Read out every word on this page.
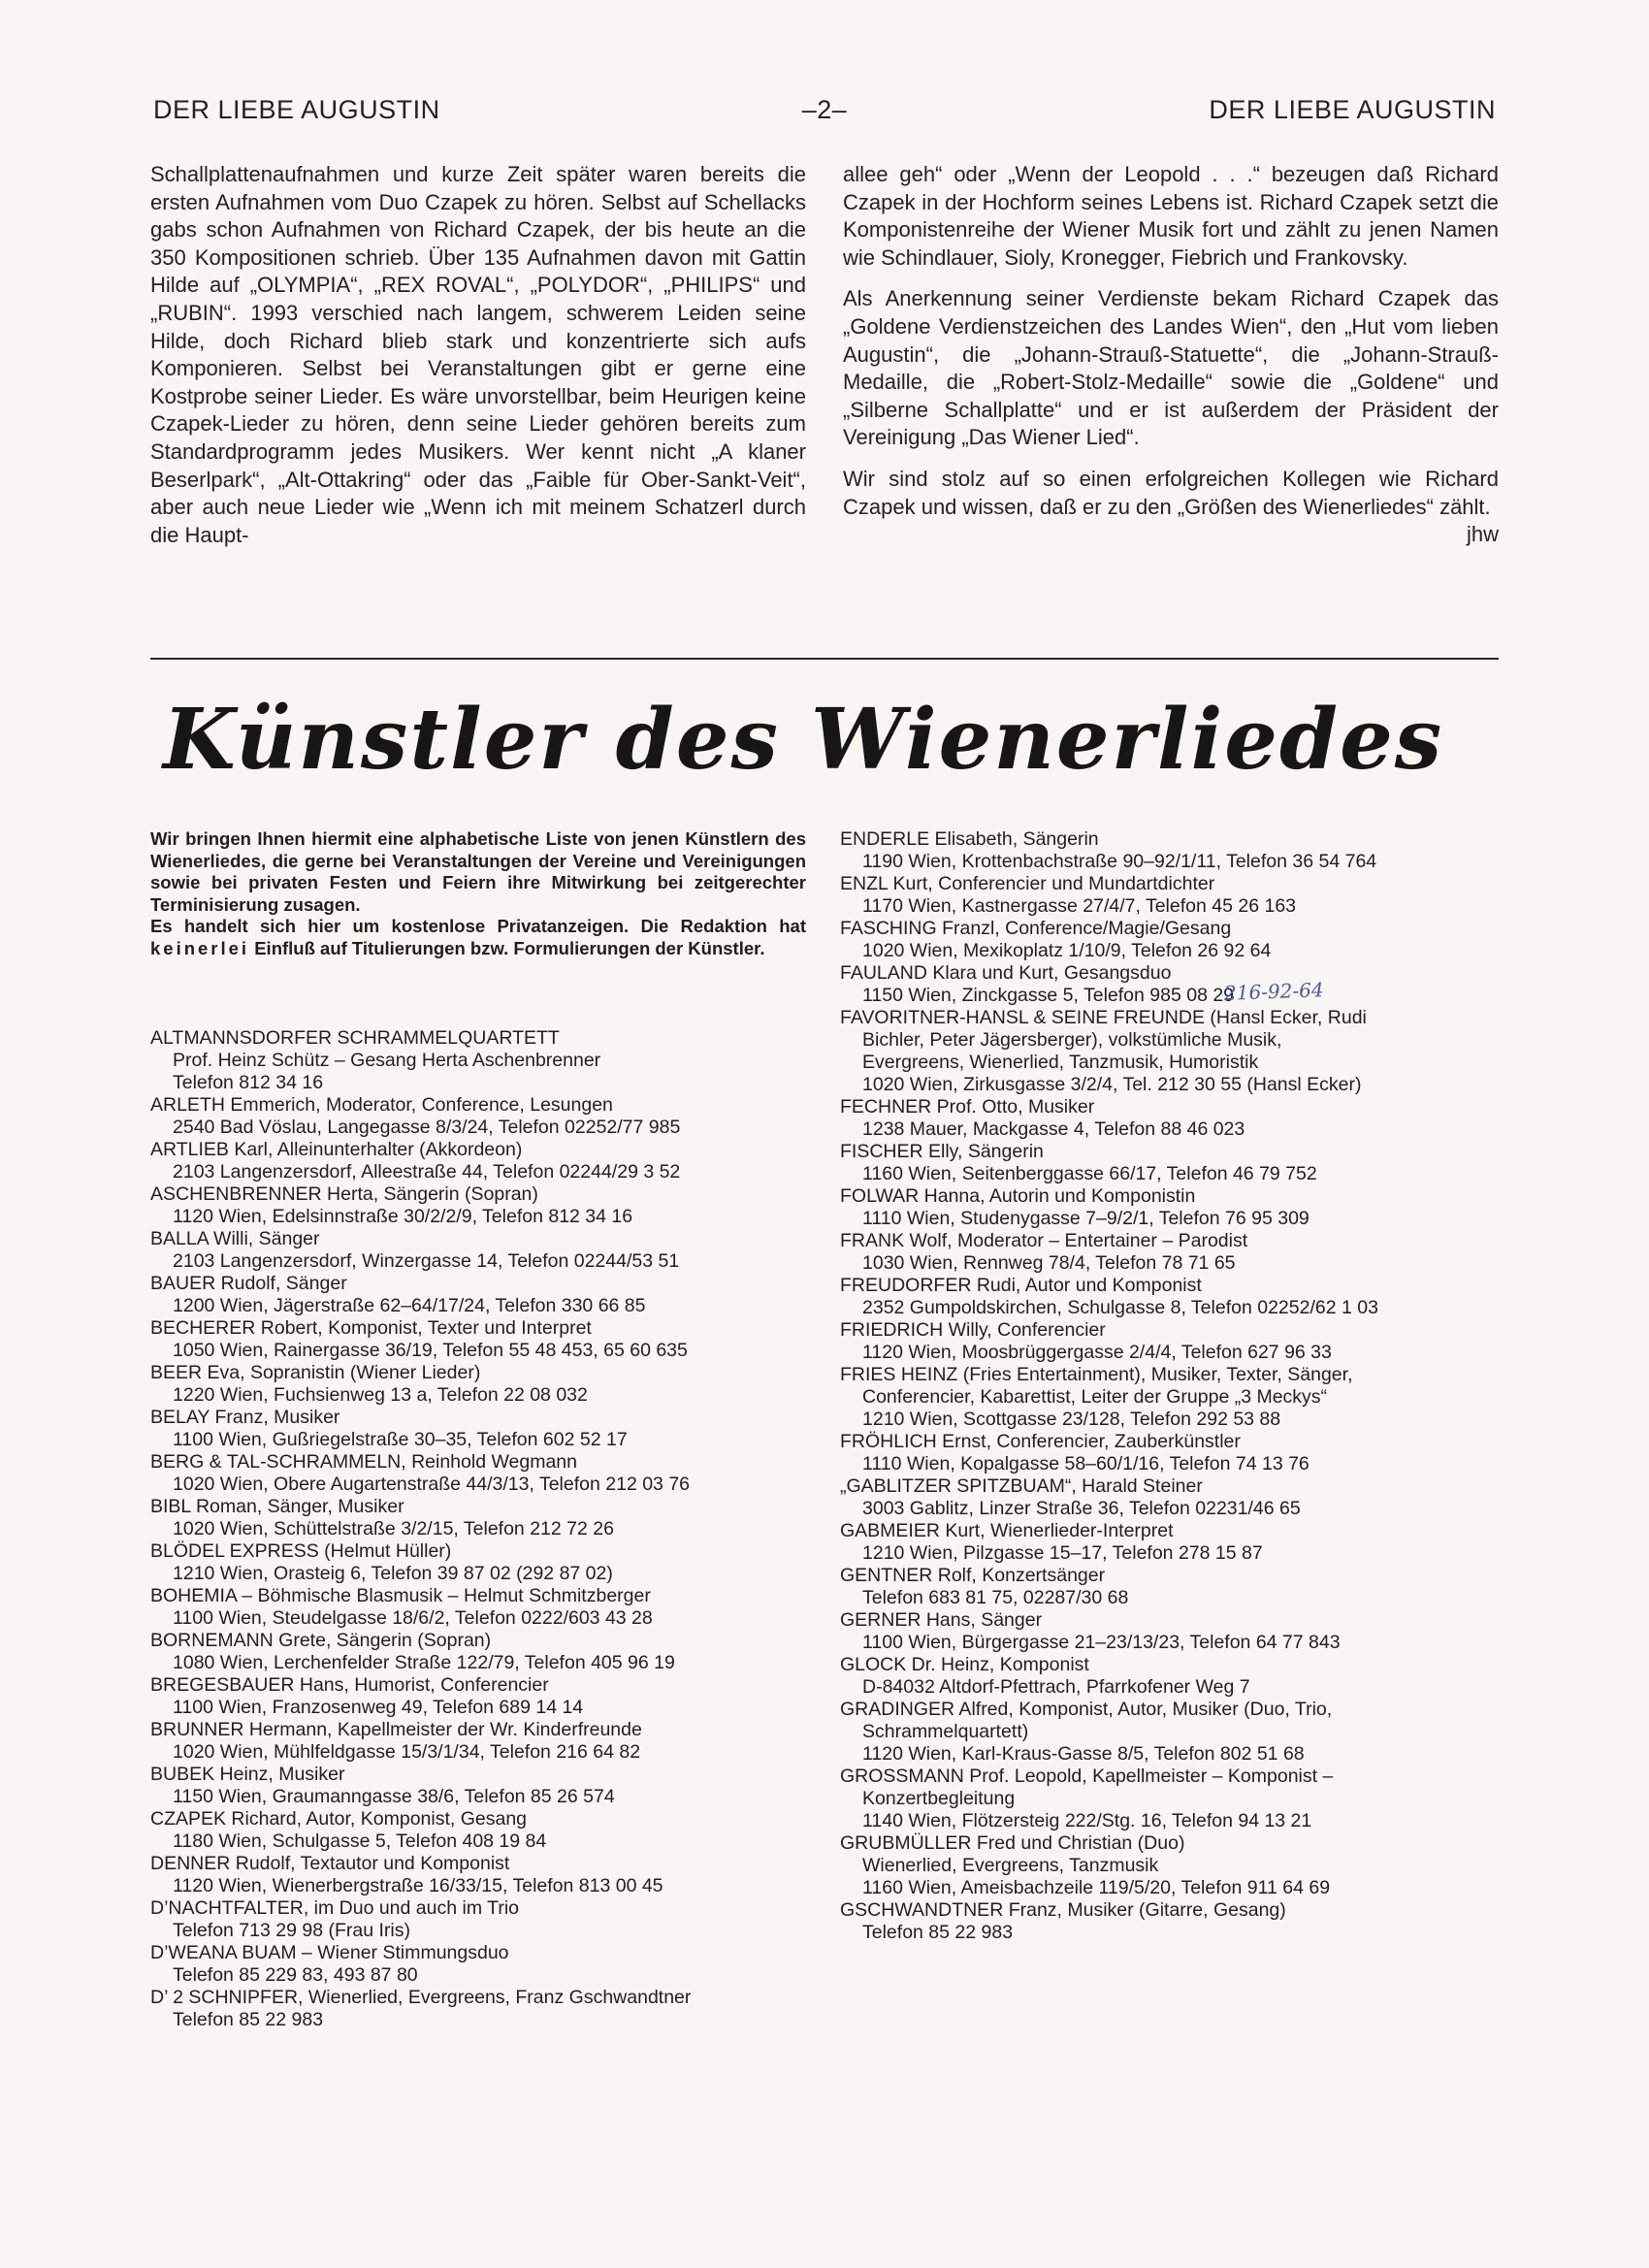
DER LIEBE AUGUSTIN	–2–	DER LIEBE AUGUSTIN

Schallplattenaufnahmen und kurze Zeit später waren bereits die ersten Aufnahmen vom Duo Czapek zu hören. Selbst auf Schellacks gabs schon Aufnahmen von Richard Czapek, der bis heute an die 350 Kompositionen schrieb. Über 135 Aufnahmen davon mit Gattin Hilde auf „OLYMPIA“, „REX ROVAL“, „POLYDOR“, „PHILIPS“ und „RUBIN“. 1993 verschied nach langem, schwerem Leiden seine Hilde, doch Richard blieb stark und konzentrierte sich aufs Komponieren. Selbst bei Veranstaltungen gibt er gerne eine Kostprobe seiner Lieder. Es wäre unvorstellbar, beim Heurigen keine Czapek-Lieder zu hören, denn seine Lieder gehören bereits zum Standardprogramm jedes Musikers. Wer kennt nicht „A klaner Beserlpark“, „Alt-Ottakring“ oder das „Faible für Ober-Sankt-Veit“, aber auch neue Lieder wie „Wenn ich mit meinem Schatzerl durch die Haupt-

allee geh“ oder „Wenn der Leopold . . .“ bezeugen daß Richard Czapek in der Hochform seines Lebens ist. Richard Czapek setzt die Komponistenreihe der Wiener Musik fort und zählt zu jenen Namen wie Schindlauer, Sioly, Kronegger, Fiebrich und Frankovsky.

Als Anerkennung seiner Verdienste bekam Richard Czapek das „Goldene Verdienstzeichen des Landes Wien“, den „Hut vom lieben Augustin“, die „Johann-Strauß-Statuette“, die „Johann-Strauß-Medaille, die „Robert-Stolz-Medaille“ sowie die „Goldene“ und „Silberne Schallplatte“ und er ist außerdem der Präsident der Vereinigung „Das Wiener Lied“.

Wir sind stolz auf so einen erfolgreichen Kollegen wie Richard Czapek und wissen, daß er zu den „Größen des Wienerliedes“ zählt.
jhw

Künstler des Wienerliedes

Wir bringen Ihnen hiermit eine alphabetische Liste von jenen Künstlern des Wienerliedes, die gerne bei Veranstaltungen der Vereine und Vereinigungen sowie bei privaten Festen und Feiern ihre Mitwirkung bei zeitgerechter Terminisierung zusagen.

Es handelt sich hier um kostenlose Privatanzeigen. Die Redaktion hat keinerlei Einfluß auf Titulierungen bzw. Formulierungen der Künstler.

ALTMANNSDORFER SCHRAMMELQUARTETT
Prof. Heinz Schütz – Gesang Herta Aschenbrenner
Telefon 812 34 16
ARLETH Emmerich, Moderator, Conference, Lesungen
2540 Bad Vöslau, Langegasse 8/3/24, Telefon 02252/77 985
ARTLIEB Karl, Alleinunterhalter (Akkordeon)
2103 Langenzersdorf, Alleestraße 44, Telefon 02244/29 3 52
ASCHENBRENNER Herta, Sängerin (Sopran)
1120 Wien, Edelsinnstraße 30/2/2/9, Telefon 812 34 16
BALLA Willi, Sänger
2103 Langenzersdorf, Winzergasse 14, Telefon 02244/53 51
BAUER Rudolf, Sänger
1200 Wien, Jägerstraße 62–64/17/24, Telefon 330 66 85
BECHERER Robert, Komponist, Texter und Interpret
1050 Wien, Rainergasse 36/19, Telefon 55 48 453, 65 60 635
BEER Eva, Sopranistin (Wiener Lieder)
1220 Wien, Fuchsienweg 13 a, Telefon 22 08 032
BELAY Franz, Musiker
1100 Wien, Gußriegelstraße 30–35, Telefon 602 52 17
BERG & TAL-SCHRAMMELN, Reinhold Wegmann
1020 Wien, Obere Augartenstraße 44/3/13, Telefon 212 03 76
BIBL Roman, Sänger, Musiker
1020 Wien, Schüttelstraße 3/2/15, Telefon 212 72 26
BLÖDEL EXPRESS (Helmut Hüller)
1210 Wien, Orasteig 6, Telefon 39 87 02 (292 87 02)
BOHEMIA – Böhmische Blasmusik – Helmut Schmitzberger
1100 Wien, Steudelgasse 18/6/2, Telefon 0222/603 43 28
BORNEMANN Grete, Sängerin (Sopran)
1080 Wien, Lerchenfelder Straße 122/79, Telefon 405 96 19
BREGESBAUER Hans, Humorist, Conferencier
1100 Wien, Franzosenweg 49, Telefon 689 14 14
BRUNNER Hermann, Kapellmeister der Wr. Kinderfreunde
1020 Wien, Mühlfeldgasse 15/3/1/34, Telefon 216 64 82
BUBEK Heinz, Musiker
1150 Wien, Graumanngasse 38/6, Telefon 85 26 574
CZAPEK Richard, Autor, Komponist, Gesang
1180 Wien, Schulgasse 5, Telefon 408 19 84
DENNER Rudolf, Textautor und Komponist
1120 Wien, Wienerbergstraße 16/33/15, Telefon 813 00 45
D’NACHTFALTER, im Duo und auch im Trio
Telefon 713 29 98 (Frau Iris)
D’WEANA BUAM – Wiener Stimmungsduo
Telefon 85 229 83, 493 87 80
D’ 2 SCHNIPFER, Wienerlied, Evergreens, Franz Gschwandtner
Telefon 85 22 983
ENDERLE Elisabeth, Sängerin
1190 Wien, Krottenbachstraße 90–92/1/11, Telefon 36 54 764
ENZL Kurt, Conferencier und Mundartdichter
1170 Wien, Kastnergasse 27/4/7, Telefon 45 26 163
FASCHING Franzl, Conference/Magie/Gesang
1020 Wien, Mexikoplatz 1/10/9, Telefon 26 92 64
FAULAND Klara und Kurt, Gesangsduo
1150 Wien, Zinckgasse 5, Telefon 985 08 29
FAVORITNER-HANSL & SEINE FREUNDE (Hansl Ecker, Rudi
Bichler, Peter Jägersberger), volkstümliche Musik,
Evergreens, Wienerlied, Tanzmusik, Humoristik
1020 Wien, Zirkusgasse 3/2/4, Tel. 212 30 55 (Hansl Ecker)
FECHNER Prof. Otto, Musiker
1238 Mauer, Mackgasse 4, Telefon 88 46 023
FISCHER Elly, Sängerin
1160 Wien, Seitenberggasse 66/17, Telefon 46 79 752
FOLWAR Hanna, Autorin und Komponistin
1110 Wien, Studenygasse 7–9/2/1, Telefon 76 95 309
FRANK Wolf, Moderator – Entertainer – Parodist
1030 Wien, Rennweg 78/4, Telefon 78 71 65
FREUDORFER Rudi, Autor und Komponist
2352 Gumpoldskirchen, Schulgasse 8, Telefon 02252/62 1 03
FRIEDRICH Willy, Conferencier
1120 Wien, Moosbrüggergasse 2/4/4, Telefon 627 96 33
FRIES HEINZ (Fries Entertainment), Musiker, Texter, Sänger,
Conferencier, Kabarettist, Leiter der Gruppe „3 Meckys“
1210 Wien, Scottgasse 23/128, Telefon 292 53 88
FRÖHLICH Ernst, Conferencier, Zauberkünstler
1110 Wien, Kopalgasse 58–60/1/16, Telefon 74 13 76
„GABLITZER SPITZBUAM“, Harald Steiner
3003 Gablitz, Linzer Straße 36, Telefon 02231/46 65
GABMEIER Kurt, Wienerlieder-Interpret
1210 Wien, Pilzgasse 15–17, Telefon 278 15 87
GENTNER Rolf, Konzertsänger
Telefon 683 81 75, 02287/30 68
GERNER Hans, Sänger
1100 Wien, Bürgergasse 21–23/13/23, Telefon 64 77 843
GLOCK Dr. Heinz, Komponist
D-84032 Altdorf-Pfettrach, Pfarrkofener Weg 7
GRADINGER Alfred, Komponist, Autor, Musiker (Duo, Trio,
Schrammelquartett)
1120 Wien, Karl-Kraus-Gasse 8/5, Telefon 802 51 68
GROSSMANN Prof. Leopold, Kapellmeister – Komponist –
Konzertbegleitung
1140 Wien, Flötzersteig 222/Stg. 16, Telefon 94 13 21
GRUBMÜLLER Fred und Christian (Duo)
Wienerlied, Evergreens, Tanzmusik
1160 Wien, Ameisbachzeile 119/5/20, Telefon 911 64 69
GSCHWANDTNER Franz, Musiker (Gitarre, Gesang)
Telefon 85 22 983
216-92-64
